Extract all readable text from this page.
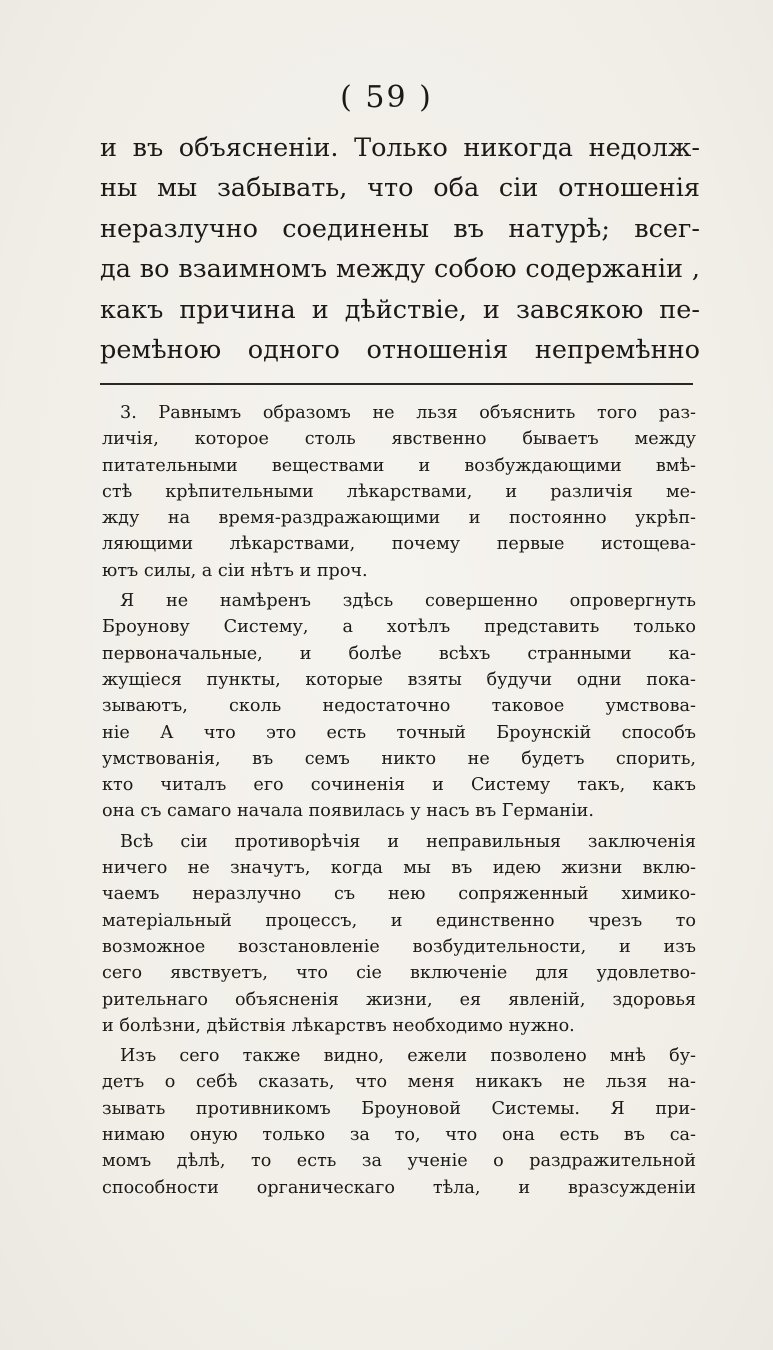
( 59 )
и въ объясненіи. Только никогда недолж-
ны мы забывать, что оба сіи отношенія
неразлучно соединены въ натурѣ; всег-
да во взаимномъ между собою содержаніи ,
какъ причина и дѣйствіе, и завсякою пе-
ремѣною одного отношенія непремѣнно
3. Равнымъ образомъ не льзя объяснить того раз-
личія, которое столь явственно бываетъ между
питательными веществами и возбуждающими вмѣ-
стѣ крѣпительными лѣкарствами, и различія ме-
жду на время-раздражающими и постоянно укрѣп-
ляющими лѣкарствами, почему первые истощева-
ютъ силы, а сіи нѣтъ и проч.
Я не намѣренъ здѣсь совершенно опровергнуть
Броунову Систему, а хотѣлъ представить только
первоначальные, и болѣе всѣхъ странными ка-
жущіеся пункты, которые взяты будучи одни пока-
зываютъ, сколь недостаточно таковое умствова-
ніе А что это есть точный Броунскій способъ
умствованія, въ семъ никто не будетъ спорить,
кто читалъ его сочиненія и Систему такъ, какъ
она съ самаго начала появилась у насъ въ Германіи.
Всѣ сіи противорѣчія и неправильныя заключенія
ничего не значутъ, когда мы въ идею жизни вклю-
чаемъ неразлучно съ нею сопряженный химико-
матеріальный процессъ, и единственно чрезъ то
возможное возстановленіе возбудительности, и изъ
сего явствуетъ, что сіе включеніе для удовлетво-
рительнаго объясненія жизни, ея явленій, здоровья
и болѣзни, дѣйствія лѣкарствъ необходимо нужно.
Изъ сего также видно, ежели позволено мнѣ бу-
детъ о себѣ сказать, что меня никакъ не льзя на-
зывать противникомъ Броуновой Системы. Я при-
нимаю оную только за то, что она есть въ са-
момъ дѣлѣ, то есть за ученіе о раздражительной
способности органическаго тѣла, и вразсужденіи
